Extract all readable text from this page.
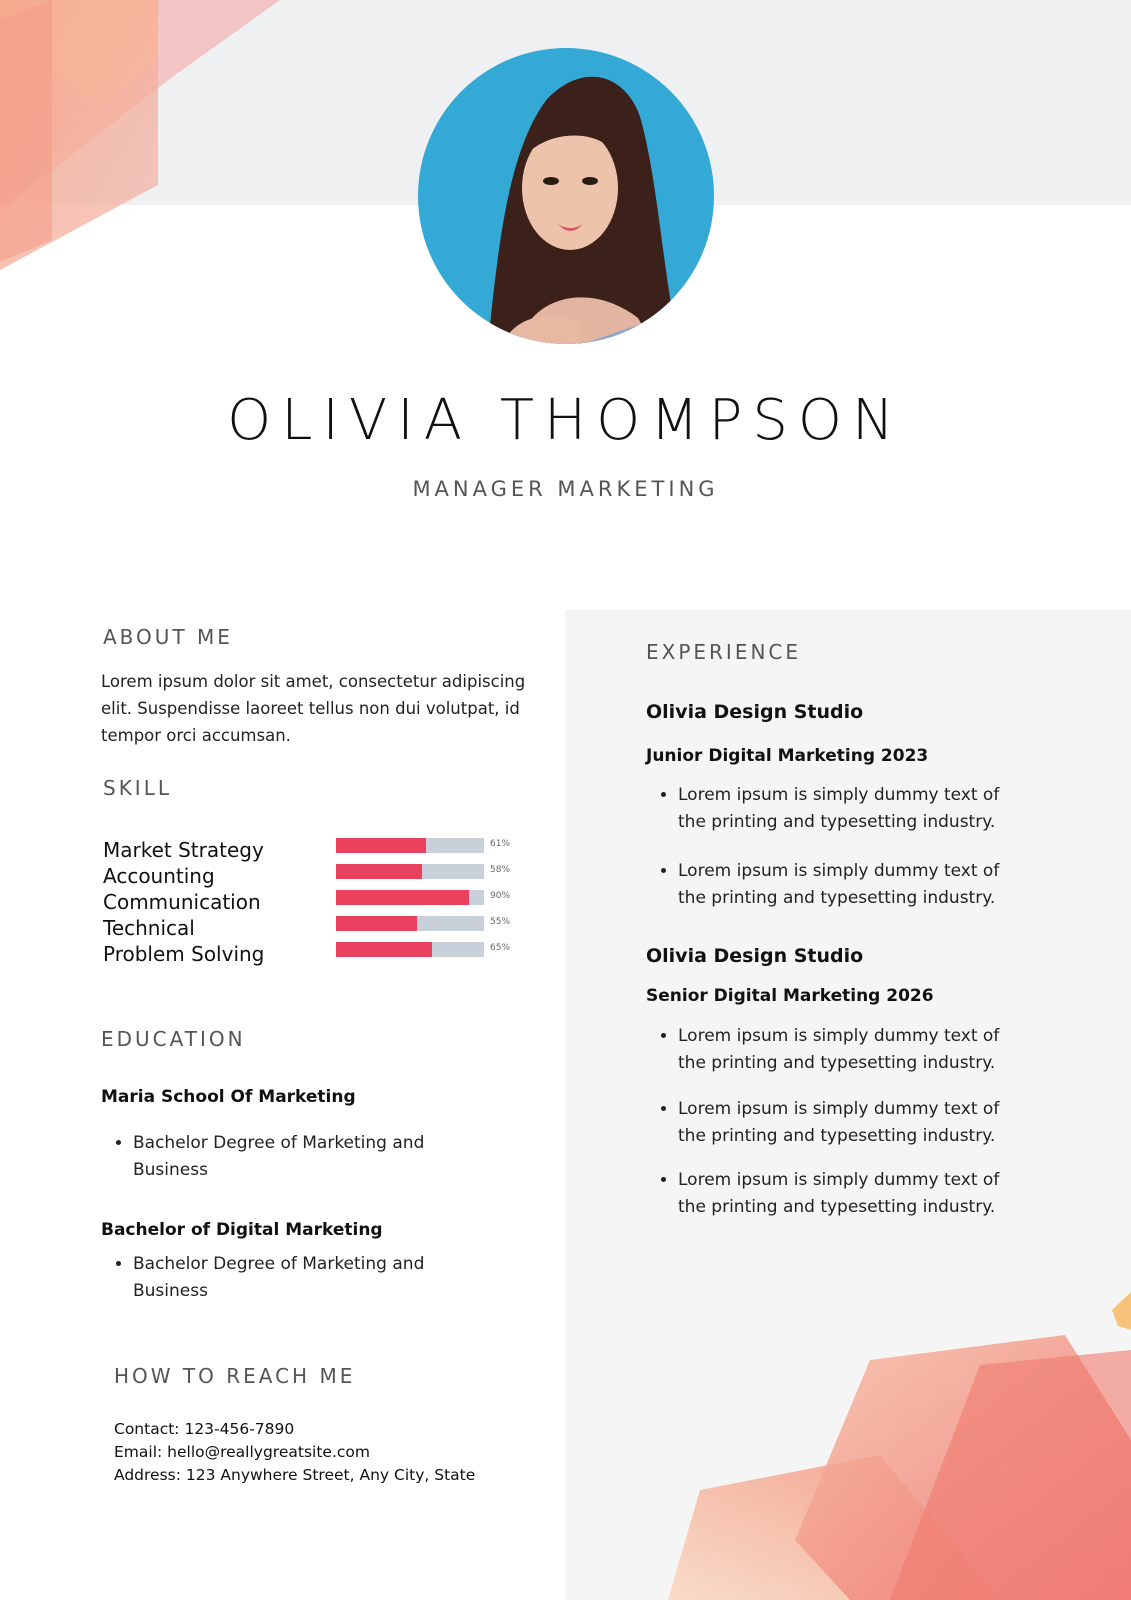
OLIVIA THOMPSON
MANAGER MARKETING
ABOUT ME
Lorem ipsum dolor sit amet, consectetur adipiscing elit. Suspendisse laoreet tellus non dui volutpat, id tempor orci accumsan.
SKILL
Market Strategy	61%
Accounting	58%
Communication	90%
Technical	55%
Problem Solving	65%
EDUCATION
Maria School Of Marketing
• Bachelor Degree of Marketing and Business
Bachelor of Digital Marketing
• Bachelor Degree of Marketing and Business
HOW TO REACH ME
Contact: 123-456-7890
Email: hello@reallygreatsite.com
Address: 123 Anywhere Street, Any City, State
EXPERIENCE
Olivia Design Studio
Junior Digital Marketing 2023
• Lorem ipsum is simply dummy text of the printing and typesetting industry.
• Lorem ipsum is simply dummy text of the printing and typesetting industry.
Olivia Design Studio
Senior Digital Marketing 2026
• Lorem ipsum is simply dummy text of the printing and typesetting industry.
• Lorem ipsum is simply dummy text of the printing and typesetting industry.
• Lorem ipsum is simply dummy text of the printing and typesetting industry.
